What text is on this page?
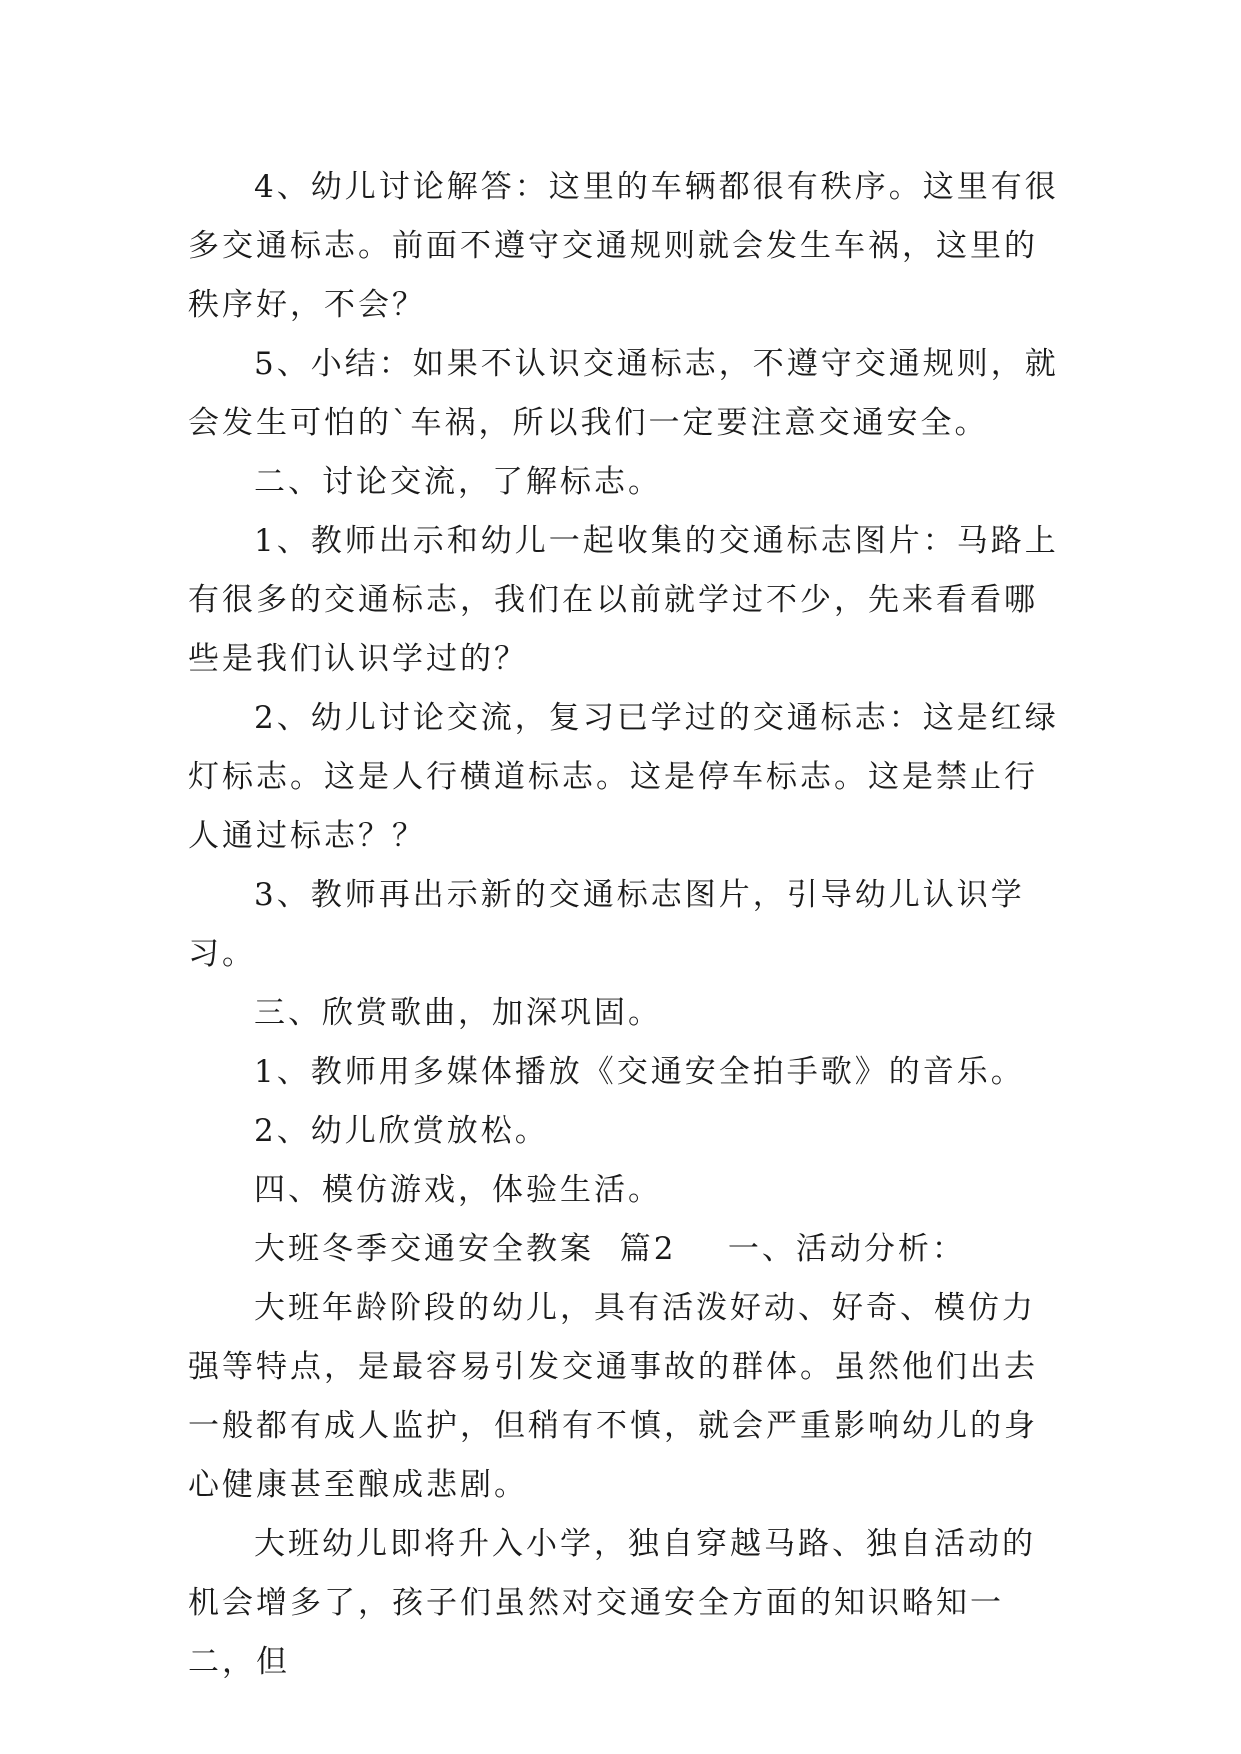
4、幼儿讨论解答：这里的车辆都很有秩序。这里有很多交通标志。前面不遵守交通规则就会发生车祸，这里的秩序好，不会？

5、小结：如果不认识交通标志，不遵守交通规则，就会发生可怕的`车祸，所以我们一定要注意交通安全。

二、讨论交流，了解标志。

1、教师出示和幼儿一起收集的交通标志图片：马路上有很多的交通标志，我们在以前就学过不少，先来看看哪些是我们认识学过的？

2、幼儿讨论交流，复习已学过的交通标志：这是红绿灯标志。这是人行横道标志。这是停车标志。这是禁止行人通过标志？？

3、教师再出示新的交通标志图片，引导幼儿认识学习。

三、欣赏歌曲，加深巩固。

1、教师用多媒体播放《交通安全拍手歌》的音乐。

2、幼儿欣赏放松。

四、模仿游戏，体验生活。

大班冬季交通安全教案  篇2    一、活动分析：

大班年龄阶段的幼儿，具有活泼好动、好奇、模仿力强等特点，是最容易引发交通事故的群体。虽然他们出去一般都有成人监护，但稍有不慎，就会严重影响幼儿的身心健康甚至酿成悲剧。

大班幼儿即将升入小学，独自穿越马路、独自活动的机会增多了，孩子们虽然对交通安全方面的知识略知一二，但
